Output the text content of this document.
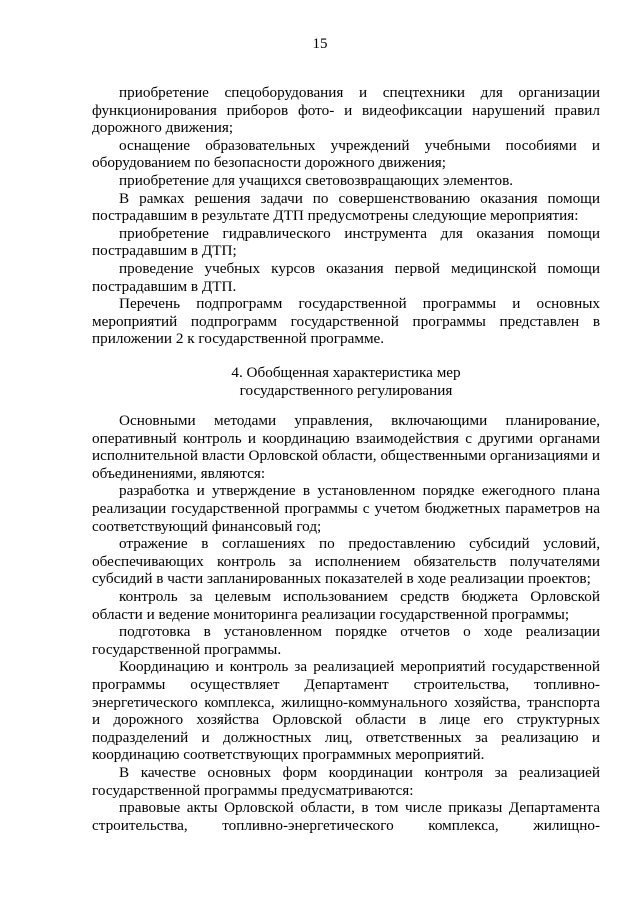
15

приобретение спецоборудования и спецтехники для организации функционирования приборов фото- и видеофиксации нарушений правил дорожного движения;

оснащение образовательных учреждений учебными пособиями и оборудованием по безопасности дорожного движения;

приобретение для учащихся световозвращающих элементов.

В рамках решения задачи по совершенствованию оказания помощи пострадавшим в результате ДТП предусмотрены следующие мероприятия:

приобретение гидравлического инструмента для оказания помощи пострадавшим в ДТП;

проведение учебных курсов оказания первой медицинской помощи пострадавшим в ДТП.

Перечень подпрограмм государственной программы и основных мероприятий подпрограмм государственной программы представлен в приложении 2 к государственной программе.

4. Обобщенная характеристика мер
государственного регулирования

Основными методами управления, включающими планирование, оперативный контроль и координацию взаимодействия с другими органами исполнительной власти Орловской области, общественными организациями и объединениями, являются:

разработка и утверждение в установленном порядке ежегодного плана реализации государственной программы с учетом бюджетных параметров на соответствующий финансовый год;

отражение в соглашениях по предоставлению субсидий условий, обеспечивающих контроль за исполнением обязательств получателями субсидий в части запланированных показателей в ходе реализации проектов;

контроль за целевым использованием средств бюджета Орловской области и ведение мониторинга реализации государственной программы;

подготовка в установленном порядке отчетов о ходе реализации государственной программы.

Координацию и контроль за реализацией мероприятий государственной программы осуществляет Департамент строительства, топливно-энергетического комплекса, жилищно-коммунального хозяйства, транспорта и дорожного хозяйства Орловской области в лице его структурных подразделений и должностных лиц, ответственных за реализацию и координацию соответствующих программных мероприятий.

В качестве основных форм координации контроля за реализацией государственной программы предусматриваются:

правовые акты Орловской области, в том числе приказы Департамента строительства, топливно-энергетического комплекса, жилищно-
